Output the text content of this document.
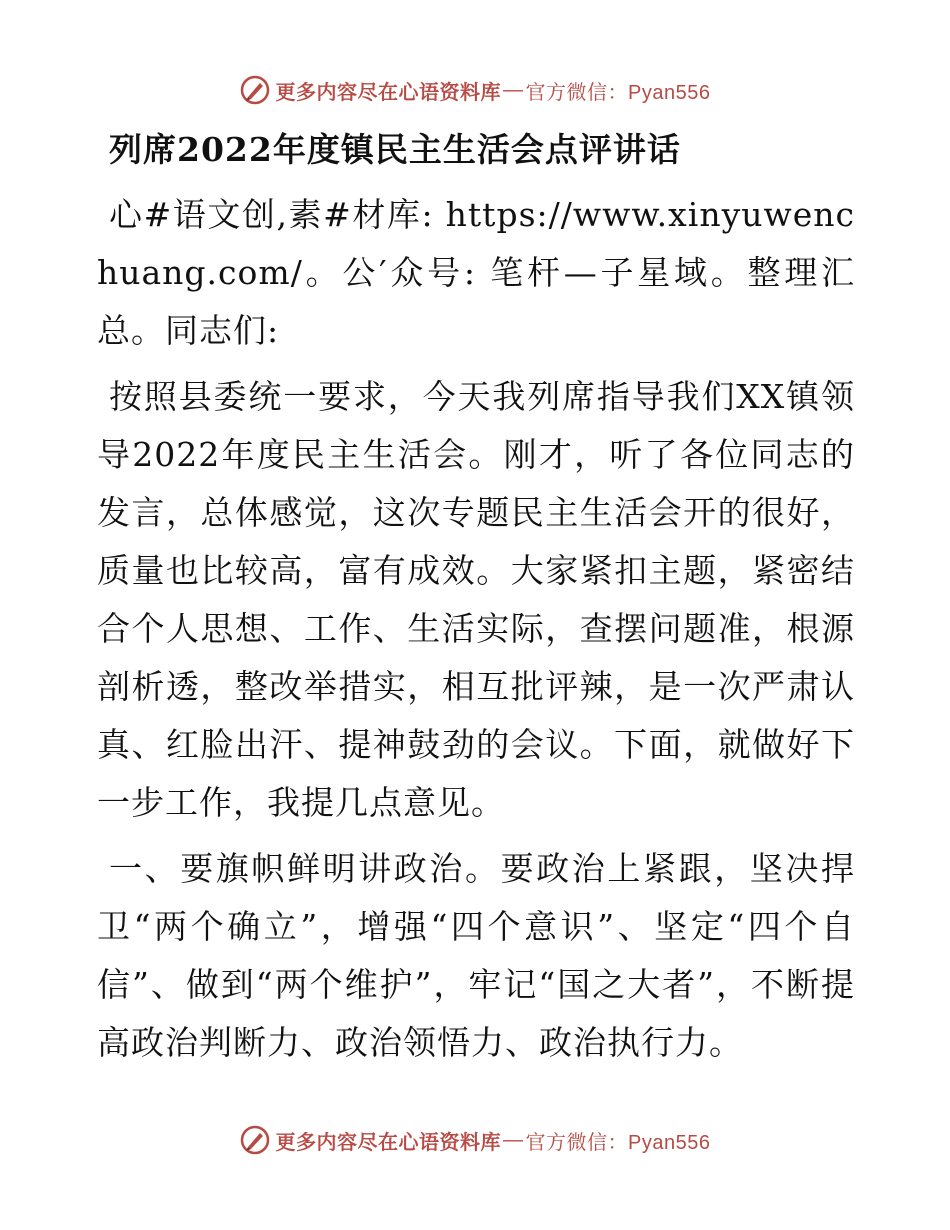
更多内容尽在心语资料库 — 官方微信：Pyan556
列席2022年度镇民主生活会点评讲话

心#语文创,素#材库: https://www.xinyuwenchuang.com/。公′众号: 笔杆—子星域。整理汇总。同志们:

按照县委统一要求，今天我列席指导我们XX镇领导2022年度民主生活会。刚才，听了各位同志的发言，总体感觉，这次专题民主生活会开的很好，质量也比较高，富有成效。大家紧扣主题，紧密结合个人思想、工作、生活实际，查摆问题准，根源剖析透，整改举措实，相互批评辣，是一次严肃认真、红脸出汗、提神鼓劲的会议。下面，就做好下一步工作，我提几点意见。

一、要旗帜鲜明讲政治。要政治上紧跟，坚决捍卫“两个确立”，增强“四个意识”、坚定“四个自信”、做到“两个维护”，牢记“国之大者”，不断提高政治判断力、政治领悟力、政治执行力。

更多内容尽在心语资料库 — 官方微信：Pyan556
